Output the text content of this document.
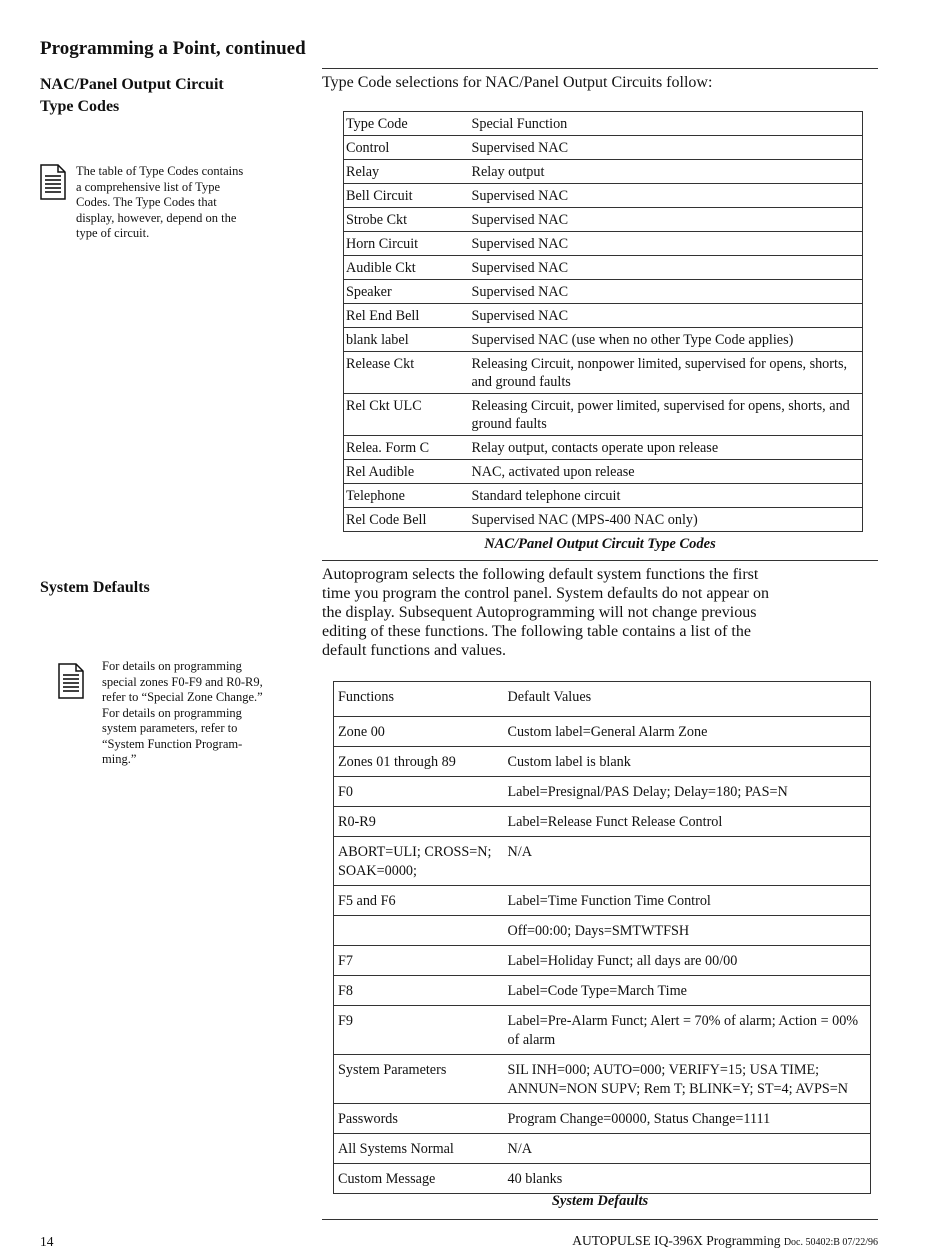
Programming a Point, continued
NAC/Panel Output Circuit
Type Codes
The table of Type Codes contains
a comprehensive list of Type
Codes. The Type Codes that
display, however, depend on the
type of circuit.
Type Code selections for NAC/Panel Output Circuits follow:
Type Code	Special Function
Control	Supervised NAC
Relay	Relay output
Bell Circuit	Supervised NAC
Strobe Ckt	Supervised NAC
Horn Circuit	Supervised NAC
Audible Ckt	Supervised NAC
Speaker	Supervised NAC
Rel End Bell	Supervised NAC
blank label	Supervised NAC (use when no other Type Code applies)
Release Ckt	Releasing Circuit, nonpower limited, supervised for opens, shorts, and ground faults
Rel Ckt ULC	Releasing Circuit, power limited, supervised for opens, shorts, and ground faults
Relea. Form C	Relay output, contacts operate upon release
Rel Audible	NAC, activated upon release
Telephone	Standard telephone circuit
Rel Code Bell	Supervised NAC (MPS-400 NAC only)
NAC/Panel Output Circuit Type Codes
System Defaults
For details on programming
special zones F0-F9 and R0-R9,
refer to “Special Zone Change.”
For details on programming
system parameters, refer to
“System Function Program-
ming.”
Autoprogram selects the following default system functions the first
time you program the control panel. System defaults do not appear on
the display. Subsequent Autoprogramming will not change previous
editing of these functions. The following table contains a list of the
default functions and values.
Functions	Default Values
Zone 00	Custom label=General Alarm Zone
Zones 01 through 89	Custom label is blank
F0	Label=Presignal/PAS Delay; Delay=180; PAS=N
R0-R9	Label=Release Funct Release Control
ABORT=ULI; CROSS=N; SOAK=0000;	N/A
F5 and F6	Label=Time Function Time Control
	Off=00:00; Days=SMTWTFSH
F7	Label=Holiday Funct; all days are 00/00
F8	Label=Code Type=March Time
F9	Label=Pre-Alarm Funct; Alert = 70% of alarm; Action = 00% of alarm
System Parameters	SIL INH=000; AUTO=000; VERIFY=15; USA TIME; ANNUN=NON SUPV; Rem T; BLINK=Y; ST=4; AVPS=N
Passwords	Program Change=00000, Status Change=1111
All Systems Normal	N/A
Custom Message	40 blanks
System Defaults
14	AUTOPULSE IQ-396X Programming Doc. 50402:B 07/22/96
